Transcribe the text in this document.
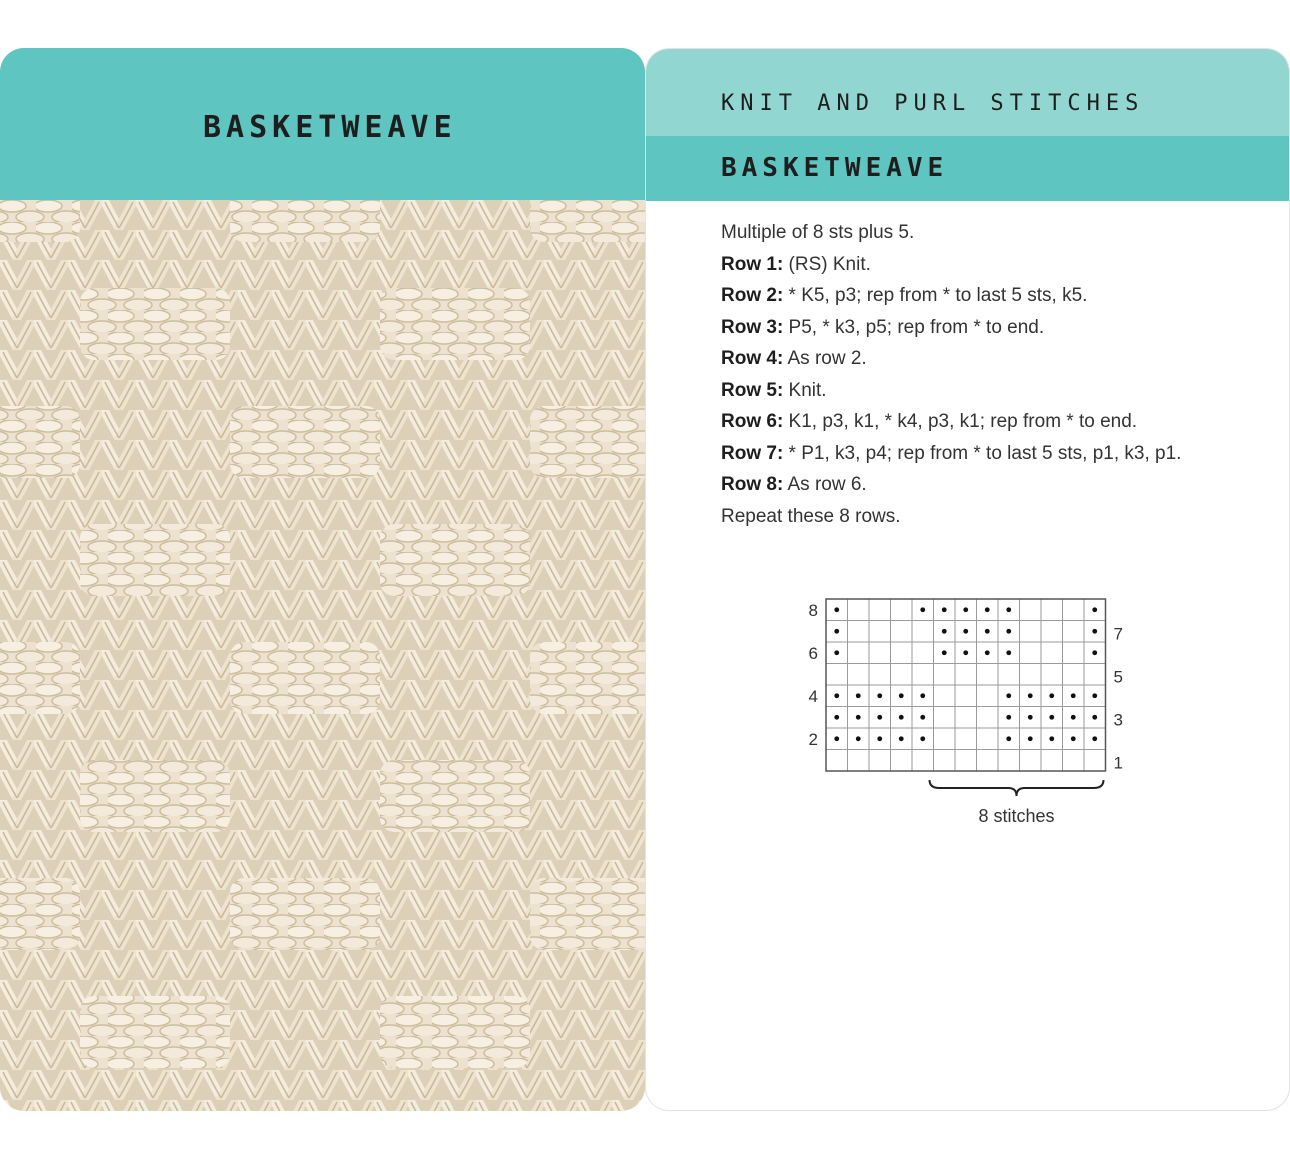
BASKETWEAVE
KNIT AND PURL STITCHES
BASKETWEAVE
Multiple of 8 sts plus 5.
Row 1: (RS) Knit.
Row 2: * K5, p3; rep from * to last 5 sts, k5.
Row 3: P5, * k3, p5; rep from * to end.
Row 4: As row 2.
Row 5: Knit.
Row 6: K1, p3, k1, * k4, p3, k1; rep from * to end.
Row 7: * P1, k3, p4; rep from * to last 5 sts, p1, k3, p1.
Row 8: As row 6.
Repeat these 8 rows.
8
6
4
2
7
5
3
1
8 stitches
